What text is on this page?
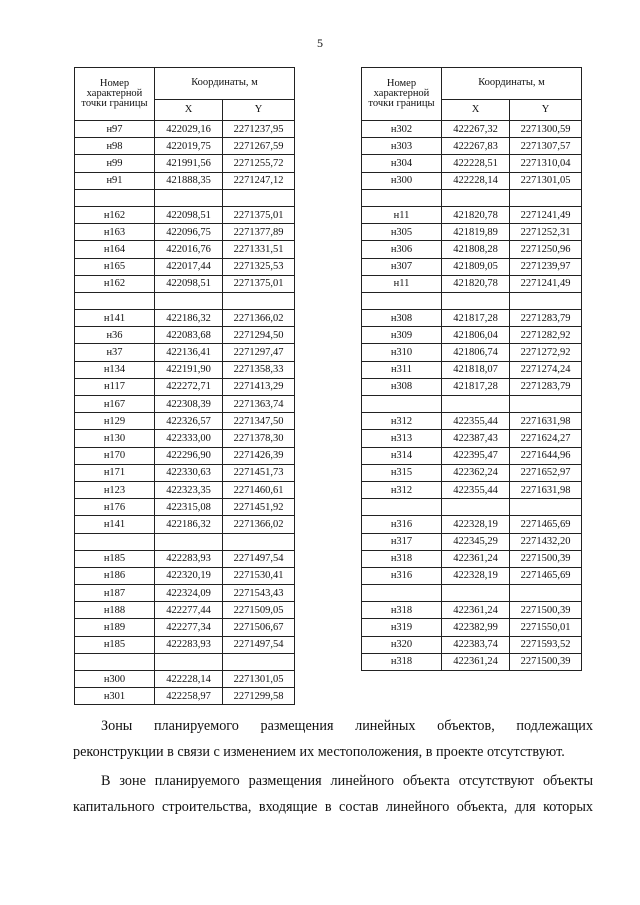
5
Номер характерной точки границы	Координаты, м	
	X	Y
н97	422029,16	2271237,95
н98	422019,75	2271267,59
н99	421991,56	2271255,72
н91	421888,35	2271247,12

н162	422098,51	2271375,01
н163	422096,75	2271377,89
н164	422016,76	2271331,51
н165	422017,44	2271325,53
н162	422098,51	2271375,01

н141	422186,32	2271366,02
н36	422083,68	2271294,50
н37	422136,41	2271297,47
н134	422191,90	2271358,33
н117	422272,71	2271413,29
н167	422308,39	2271363,74
н129	422326,57	2271347,50
н130	422333,00	2271378,30
н170	422296,90	2271426,39
н171	422330,63	2271451,73
н123	422323,35	2271460,61
н176	422315,08	2271451,92
н141	422186,32	2271366,02

н185	422283,93	2271497,54
н186	422320,19	2271530,41
н187	422324,09	2271543,43
н188	422277,44	2271509,05
н189	422277,34	2271506,67
н185	422283,93	2271497,54

н300	422228,14	2271301,05
н301	422258,97	2271299,58
Номер характерной точки границы	Координаты, м	
	X	Y
н302	422267,32	2271300,59
н303	422267,83	2271307,57
н304	422228,51	2271310,04
н300	422228,14	2271301,05

н11	421820,78	2271241,49
н305	421819,89	2271252,31
н306	421808,28	2271250,96
н307	421809,05	2271239,97
н11	421820,78	2271241,49

н308	421817,28	2271283,79
н309	421806,04	2271282,92
н310	421806,74	2271272,92
н311	421818,07	2271274,24
н308	421817,28	2271283,79

н312	422355,44	2271631,98
н313	422387,43	2271624,27
н314	422395,47	2271644,96
н315	422362,24	2271652,97
н312	422355,44	2271631,98

н316	422328,19	2271465,69
н317	422345,29	2271432,20
н318	422361,24	2271500,39
н316	422328,19	2271465,69

н318	422361,24	2271500,39
н319	422382,99	2271550,01
н320	422383,74	2271593,52
н318	422361,24	2271500,39
Зоны планируемого размещения линейных объектов, подлежащих
реконструкции в связи с изменением их местоположения, в проекте отсутствуют.
В зоне планируемого размещения линейного объекта отсутствуют объекты
капитального строительства, входящие в состав линейного объекта, для которых
